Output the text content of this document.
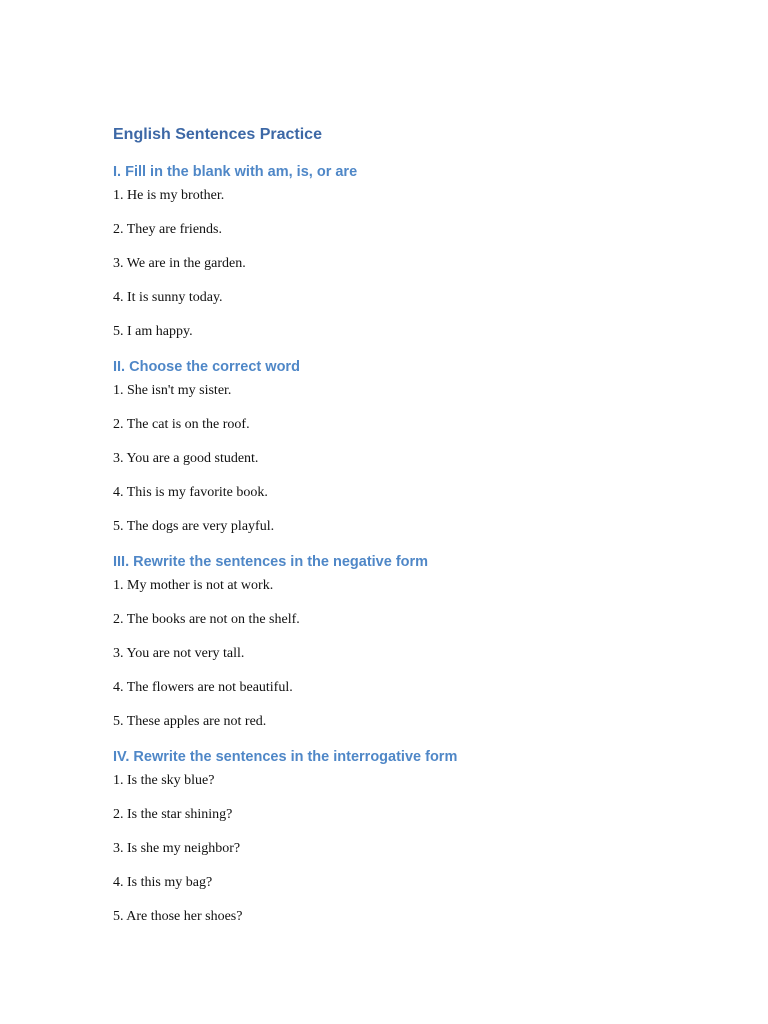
English Sentences Practice
I. Fill in the blank with am, is, or are

1. He is my brother.

2. They are friends.

3. We are in the garden.

4. It is sunny today.

5. I am happy.

II. Choose the correct word

1. She isn't my sister.

2. The cat is on the roof.

3. You are a good student.

4. This is my favorite book.

5. The dogs are very playful.

III. Rewrite the sentences in the negative form

1. My mother is not at work.

2. The books are not on the shelf.

3. You are not very tall.

4. The flowers are not beautiful.

5. These apples are not red.

IV. Rewrite the sentences in the interrogative form

1. Is the sky blue?

2. Is the star shining?

3. Is she my neighbor?

4. Is this my bag?

5. Are those her shoes?
